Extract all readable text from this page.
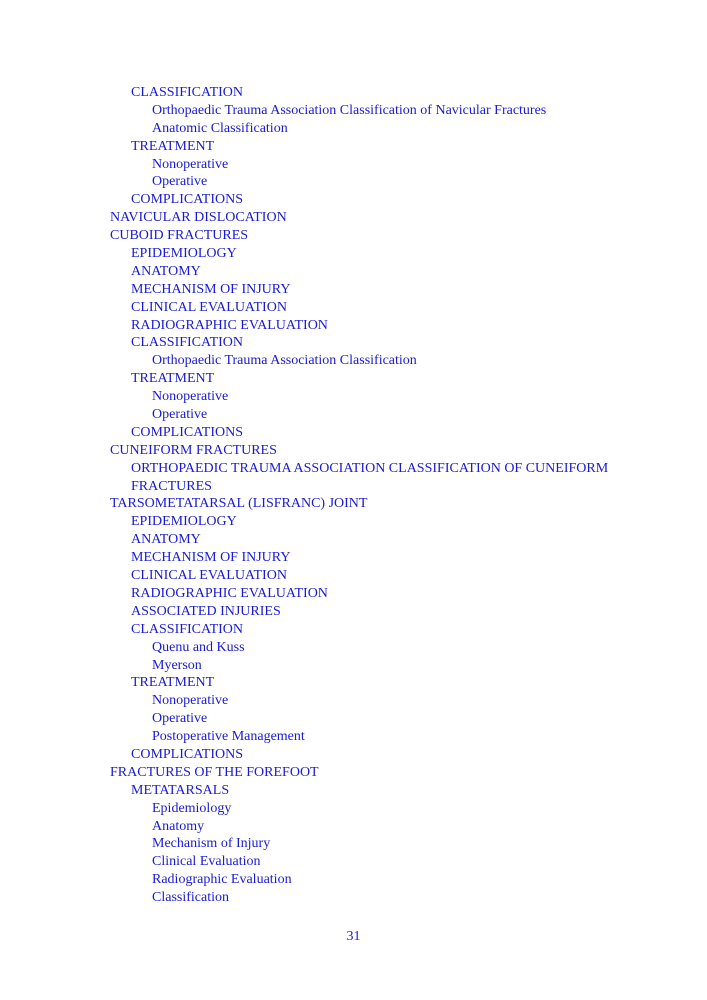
CLASSIFICATION
Orthopaedic Trauma Association Classification of Navicular Fractures
Anatomic Classification
TREATMENT
Nonoperative
Operative
COMPLICATIONS
NAVICULAR DISLOCATION
CUBOID FRACTURES
EPIDEMIOLOGY
ANATOMY
MECHANISM OF INJURY
CLINICAL EVALUATION
RADIOGRAPHIC EVALUATION
CLASSIFICATION
Orthopaedic Trauma Association Classification
TREATMENT
Nonoperative
Operative
COMPLICATIONS
CUNEIFORM FRACTURES
ORTHOPAEDIC TRAUMA ASSOCIATION CLASSIFICATION OF CUNEIFORM
FRACTURES
TARSOMETATARSAL (LISFRANC) JOINT
EPIDEMIOLOGY
ANATOMY
MECHANISM OF INJURY
CLINICAL EVALUATION
RADIOGRAPHIC EVALUATION
ASSOCIATED INJURIES
CLASSIFICATION
Quenu and Kuss
Myerson
TREATMENT
Nonoperative
Operative
Postoperative Management
COMPLICATIONS
FRACTURES OF THE FOREFOOT
METATARSALS
Epidemiology
Anatomy
Mechanism of Injury
Clinical Evaluation
Radiographic Evaluation
Classification
31
